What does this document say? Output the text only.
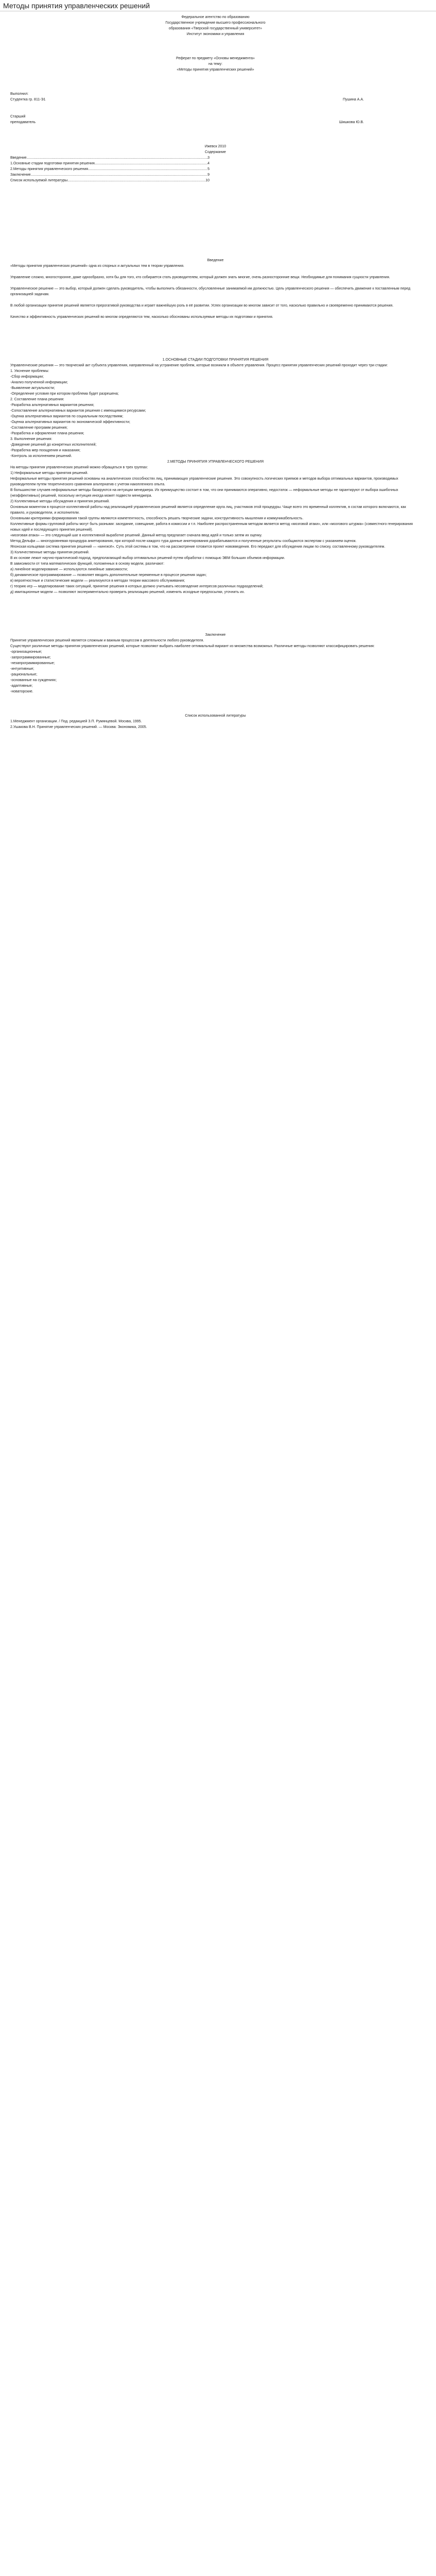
Методы принятия управленческих решений

Федеральное агентство по образованию

Государственное учреждение высшего профессионального

образования «Тверской государственный университет»

Институт экономики и управления

Реферат по предмету «Основы менеджмента»

на тему:

«Методы принятия управленческих решений»

Выполнил:

Студентка гр. 811-Э1	Пушина А.А.

Старший

преподаватель	Шишкова Ю.В.

Ижевск 2010

Содержание

Введение .....	3
1.Основные стадии подготовки принятия решения .....	4
2.Методы принятия управленческого решения .....	5
Заключение .....	9
Список используемой литературы .....	10

Введение

«Методы принятия управленческих решений» одна из спорных и актуальных тем в теории управления.

Управление сложно, многосторонне, даже однообразно, хотя бы для того, кто собирается стать руководителем, который должен знать многие, очень разносторонние вещи. Необходимые для понимания сущности управления.

Управленческое решение — это выбор, который должен сделать руководитель, чтобы выполнить обязанности, обусловленные занимаемой им должностью. Цель управленческого решения — обеспечить движение к поставленным перед организацией задачам.

В любой организации принятие решений является прерогативой руководства и играет важнейшую роль в её развитии. Успех организации во многом зависит от того, насколько правильно и своевременно принимаются решения.

Качество и эффективность управленческих решений во многом определяются тем, насколько обоснованы используемые методы их подготовки и принятия.

1.ОСНОВНЫЕ СТАДИИ ПОДГОТОВКИ ПРИНЯТИЯ РЕШЕНИЯ

Управленческие решения — это творческий акт субъекта управления, направленный на устранение проблем, которые возникли в объекте управления. Процесс принятия управленческих решений проходит через три стадии:

1. Уяснение проблемы:

-Сбор информации;

-Анализ полученной информации;

-Выявление актуальности;

-Определение условия при котором проблема будет разрешена;

2. Составление плана решения:

-Разработка альтернативных вариантов решения;

-Сопоставление альтернативных вариантов решения с имеющимися ресурсами;

-Оценка альтернативных вариантов по социальным последствиям;

-Оценка альтернативных вариантов по экономической эффективности;

-Составление программ решения;

-Разработка и оформление плана решения;

3. Выполнение решения:

-Доведение решений до конкретных исполнителей;

-Разработка мер поощрения и наказания;

-Контроль за исполнением решений.

2.МЕТОДЫ ПРИНЯТИЯ УПРАВЛЕНЧЕСКОГО РЕШЕНИЯ

На методы принятия управленческих решений можно обращаться в трех группах:

1) Неформальные методы принятия решений.

Неформальные методы принятия решений основаны на аналитических способностях лиц, принимающих управленческие решения. Это совокупность логических приемов и методов выбора оптимальных вариантов, производимых руководителем путем теоретического сравнения альтернатив с учетом накопленного опыта.

В большинстве случаев неформальные методы базируются на интуиции менеджера. Их преимущество состоит в том, что они принимаются оперативно, недостаток — неформальные методы не гарантируют от выбора ошибочных (неэффективных) решений, поскольку интуиция иногда может подвести менеджера.

2) Коллективные методы обсуждения и принятия решений.

Основным моментом в процессе коллективной работы над реализацией управленческих решений является определение круга лиц, участников этой процедуры. Чаще всего это временный коллектив, в состав которого включаются, как правило, и руководители, и исполнители.

Основными критериями формирования такой группы являются компетентность, способность решать творческие задачи, конструктивность мышления и коммуникабельность.

Коллективные формы групповой работы могут быть разными: заседание, совещание, работа в комиссии и т.п. Наиболее распространенным методом является метод «мозговой атаки», или «мозгового штурма» (совместного генерирования новых идей и последующего принятия решений).

«мозговая атака» — это следующий шаг в коллективной выработке решений. Данный метод предлагает сначала ввод идей и только затем их оценку.

Метод Дельфи — многоуровневая процедура анкетирования, при которой после каждого тура данные анкетирования дорабатываются и полученные результаты сообщаются экспертам с указанием оценок.

Японская кольцевая система принятия решений — «кингисё». Суть этой системы в том, что на рассмотрение готовится проект нововведения. Его передают для обсуждения лицам по списку, составленному руководителем.

3) Количественные методы принятия решений.

В их основе лежит научно-практический подход, предполагающий выбор оптимальных решений путем обработки с помощью ЭВМ больших объемов информации.

В зависимости от типа математических функций, положенных в основу модели, различают:

а) линейное моделирование — используются линейные зависимости;

б) динамическое программирование — позволяет вводить дополнительные переменные в процессе решения задач;

в) вероятностные и статистические модели — реализуются в методах теории массового обслуживания;

г) теорию игр — моделирование таких ситуаций, принятие решения в которых должно учитывать несовпадение интересов различных подразделений;

д) имитационные модели — позволяют экспериментально проверить реализацию решений, изменить исходные предпосылки, уточнить их.

Заключение

Принятие управленческих решений является сложным и важным процессом в деятельности любого руководителя.

Существуют различные методы принятия управленческих решений, которые позволяют выбрать наиболее оптимальный вариант из множества возможных. Различные методы позволяют классифицировать решения:

-организационные;

-запрограммированные;

-незапрограммированные;

-интуитивные;

-рациональные;

-основанные на суждениях;

-адаптивные;

-новаторские.

Список использованной литературы

1.Менеджмент организации. / Под. редакцией З.П. Румянцевой. Москва, 1995.

2.Ушакова В.Н. Принятие управленческих решений. — Москва: Экономика, 2005.
